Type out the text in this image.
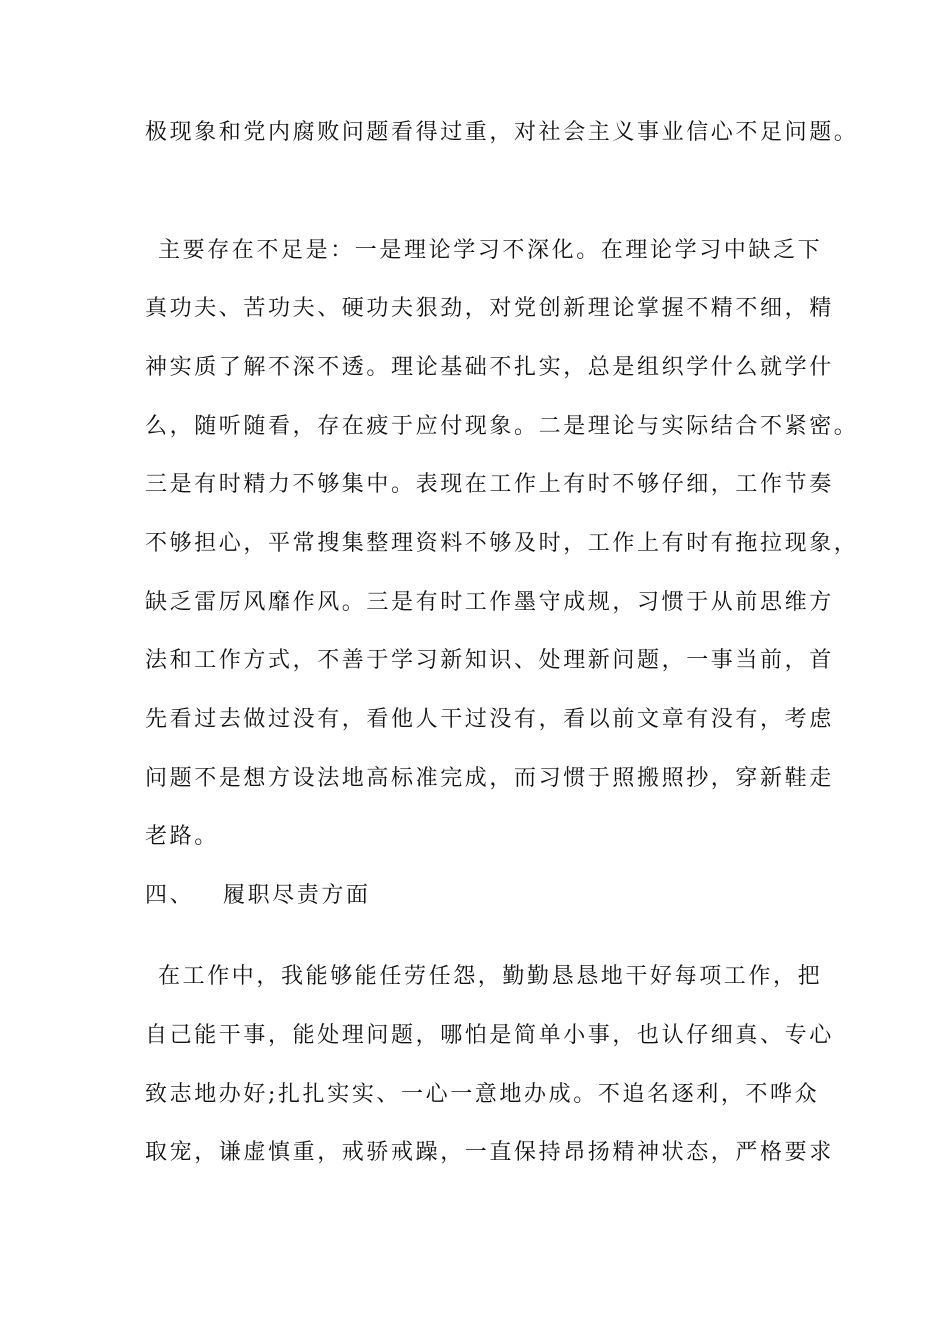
极现象和党内腐败问题看得过重，对社会主义事业信心不足问题。
主要存在不足是：一是理论学习不深化。在理论学习中缺乏下
真功夫、苦功夫、硬功夫狠劲，对党创新理论掌握不精不细，精
神实质了解不深不透。理论基础不扎实，总是组织学什么就学什
么，随听随看，存在疲于应付现象。二是理论与实际结合不紧密。
三是有时精力不够集中。表现在工作上有时不够仔细，工作节奏
不够担心，平常搜集整理资料不够及时，工作上有时有拖拉现象，
缺乏雷厉风靡作风。三是有时工作墨守成规，习惯于从前思维方
法和工作方式，不善于学习新知识、处理新问题，一事当前，首
先看过去做过没有，看他人干过没有，看以前文章有没有，考虑
问题不是想方设法地高标准完成，而习惯于照搬照抄，穿新鞋走
老路。
四、   履职尽责方面
在工作中，我能够能任劳任怨，勤勤恳恳地干好每项工作，把
自己能干事，能处理问题，哪怕是简单小事，也认仔细真、专心
致志地办好;扎扎实实、一心一意地办成。不追名逐利，不哗众
取宠，谦虚慎重，戒骄戒躁，一直保持昂扬精神状态，严格要求
